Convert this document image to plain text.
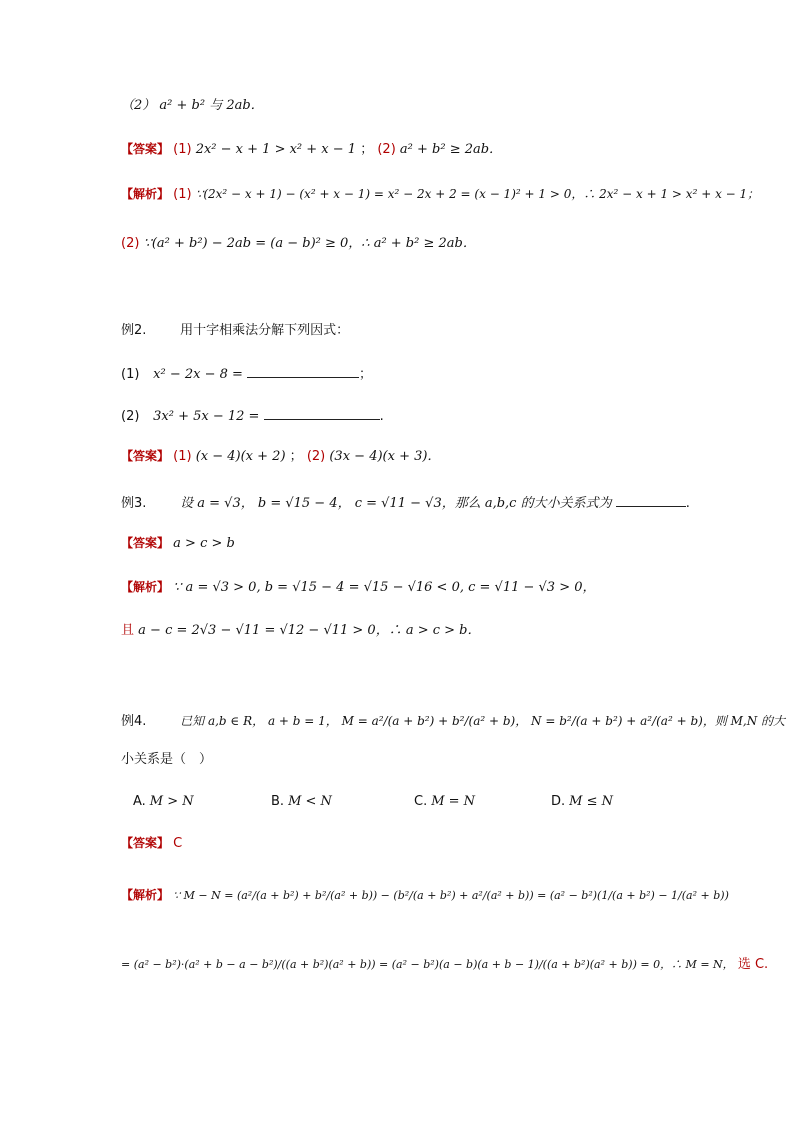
（2） a² + b² 与 2ab．
【答案】 (1) 2x² − x + 1 > x² + x − 1 ； (2) a² + b² ≥ 2ab．
【解析】 (1) ∵(2x² − x + 1) − (x² + x − 1) = x² − 2x + 2 = (x − 1)² + 1 > 0，∴ 2x² − x + 1 > x² + x − 1；
(2) ∵(a² + b²) − 2ab = (a − b)² ≥ 0，∴ a² + b² ≥ 2ab．
例2.	用十字相乘法分解下列因式：
(1) x² − 2x − 8 =	；
(2) 3x² + 5x − 12 =	.
【答案】 (1) (x − 4)(x + 2) ； (2) (3x − 4)(x + 3)．
例3.	设 a = √3， b = √15 − 4， c = √11 − √3，那么 a,b,c 的大小关系式为	.
【答案】 a > c > b
【解析】 ∵ a = √3 > 0, b = √15 − 4 = √15 − √16 < 0, c = √11 − √3 > 0，
且 a − c = 2√3 − √11 = √12 − √11 > 0，∴ a > c > b．
例4.	已知 a,b ∈ R， a + b = 1， M = a²/(a + b²) + b²/(a² + b)， N = b²/(a + b²) + a²/(a² + b)，则 M,N 的大
小关系是（　）
A. M > N	B. M < N	C. M = N	D. M ≤ N
【答案】 C
【解析】 ∵ M − N = (a²/(a + b²) + b²/(a² + b)) − (b²/(a + b²) + a²/(a² + b)) = (a² − b²)(1/(a + b²) − 1/(a² + b))
= (a² − b²)·(a² + b − a − b²)/((a + b²)(a² + b)) = (a² − b²)(a − b)(a + b − 1)/((a + b²)(a² + b)) = 0，∴ M = N， 选 C.
